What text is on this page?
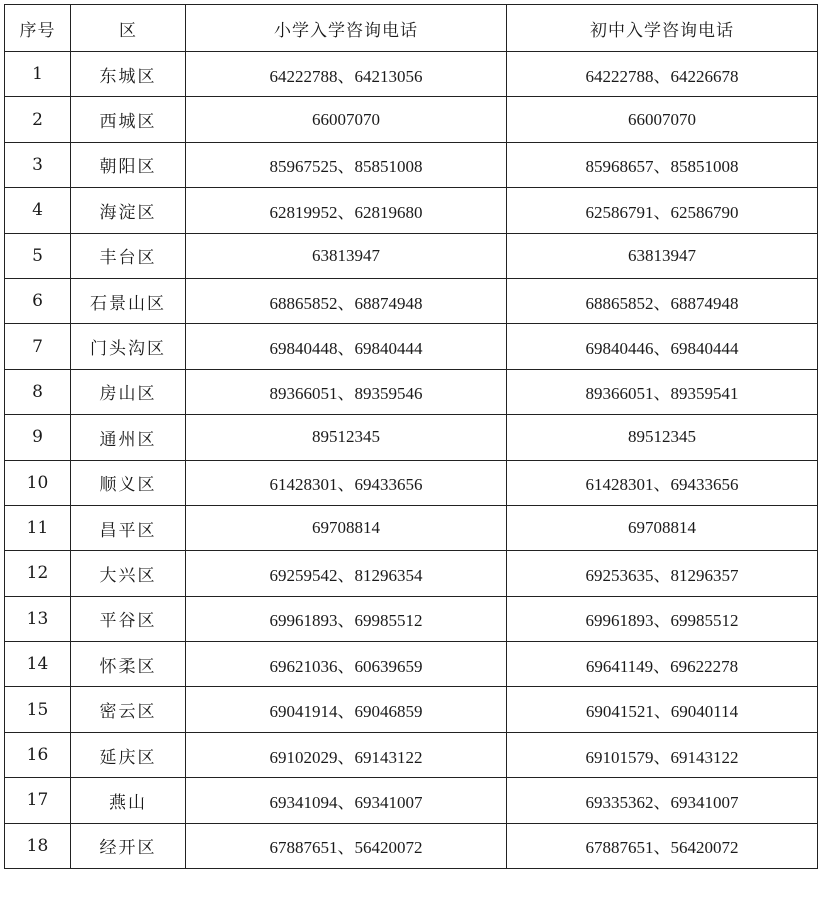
序号	区	小学入学咨询电话	初中入学咨询电话
1	东城区	64222788、64213056	64222788、64226678
2	西城区	66007070	66007070
3	朝阳区	85967525、85851008	85968657、85851008
4	海淀区	62819952、62819680	62586791、62586790
5	丰台区	63813947	63813947
6	石景山区	68865852、68874948	68865852、68874948
7	门头沟区	69840448、69840444	69840446、69840444
8	房山区	89366051、89359546	89366051、89359541
9	通州区	89512345	89512345
10	顺义区	61428301、69433656	61428301、69433656
11	昌平区	69708814	69708814
12	大兴区	69259542、81296354	69253635、81296357
13	平谷区	69961893、69985512	69961893、69985512
14	怀柔区	69621036、60639659	69641149、69622278
15	密云区	69041914、69046859	69041521、69040114
16	延庆区	69102029、69143122	69101579、69143122
17	燕山	69341094、69341007	69335362、69341007
18	经开区	67887651、56420072	67887651、56420072
